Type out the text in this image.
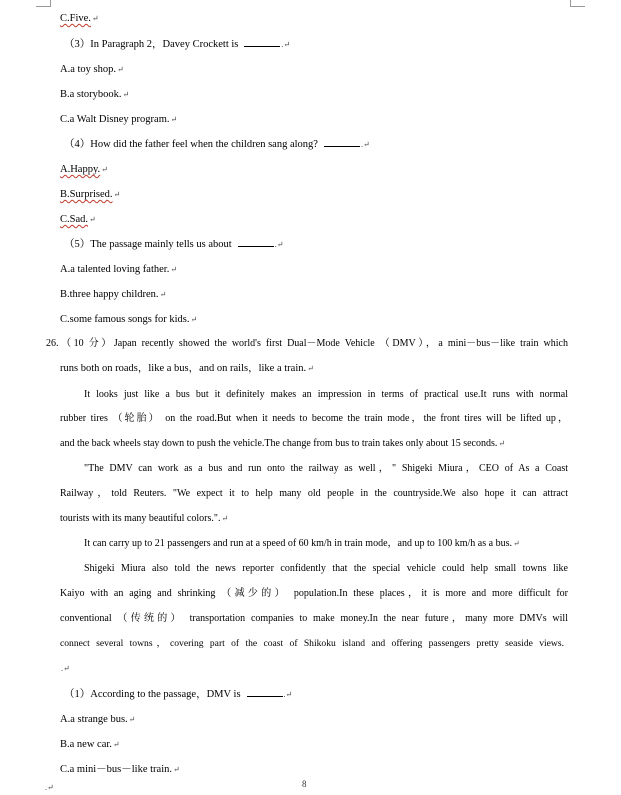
C.Five.↵
（3）In Paragraph 2，Davey Crockett is	.↵
A.a toy shop.↵
B.a storybook.↵
C.a Walt Disney program.↵
（4）How did the father feel when the children sang along?	.↵
A.Happy.↵
B.Surprised.↵
C.Sad.↵
（5）The passage mainly tells us about	.↵
A.a talented loving father.↵
B.three happy children.↵
C.some famous songs for kids.↵
26.（10 分）Japan recently showed the world's first Dual－Mode Vehicle （DMV），a mini－bus－like train which
runs both on roads，like a bus，and on rails，like a train.↵
It looks just like a bus but it definitely makes an impression in terms of practical use.It runs with normal
rubber tires （轮胎） on the road.But when it needs to become the train mode，the front tires will be lifted up，
and the back wheels stay down to push the vehicle.The change from bus to train takes only about 15 seconds.↵
"The DMV can work as a bus and run onto the railway as well，" Shigeki Miura，CEO of As a Coast
Railway，told Reuters. "We expect it to help many old people in the countryside.We also hope it can attract
tourists with its many beautiful colors.".↵
It can carry up to 21 passengers and run at a speed of 60 km/h in train mode，and up to 100 km/h as a bus.↵
Shigeki Miura also told the news reporter confidently that the special vehicle could help small towns like
Kaiyo with an aging and shrinking （减少的） population.In these places，it is more and more difficult for
conventional （传统的） transportation companies to make money.In the near future，many more DMVs will
connect several towns，covering part of the coast of Shikoku island and offering passengers pretty seaside views.
.↵
（1）According to the passage，DMV is	.↵
A.a strange bus.↵
B.a new car.↵
C.a mini－bus－like train.↵
8
.↵
